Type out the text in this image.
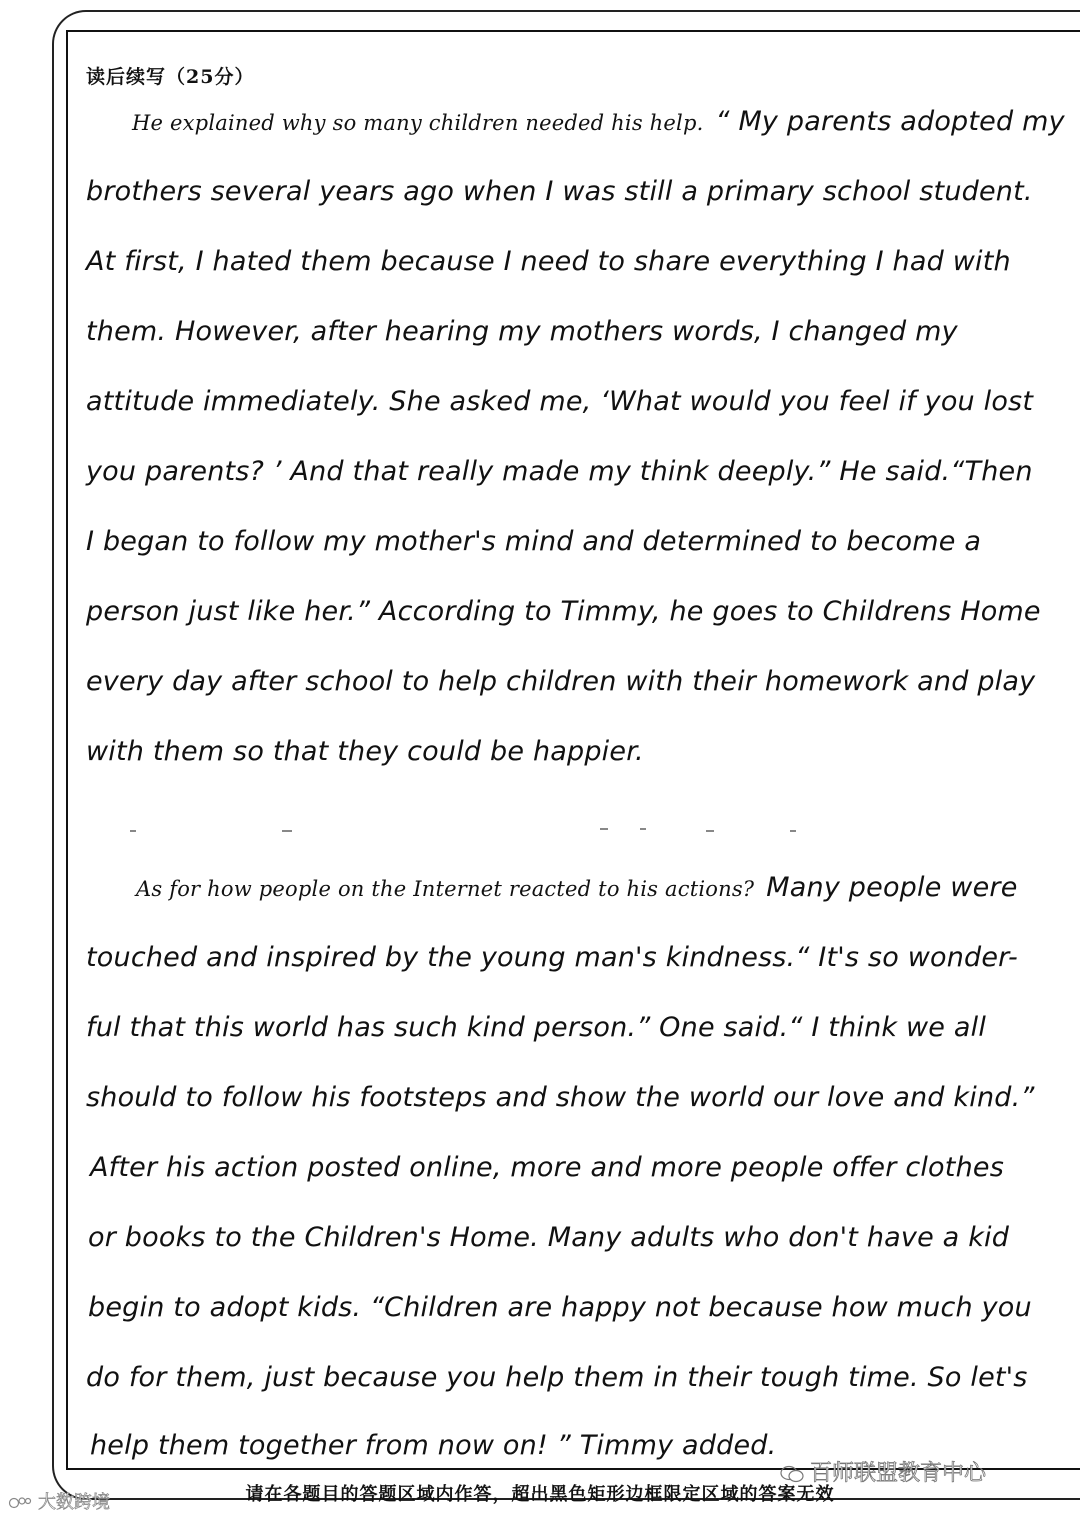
读后续写（25分）
He explained why so many children needed his help. “ My parents adopted my
brothers several years ago when I was still a primary school student.
At first, I hated them because I need to share everything I had with
them. However, after hearing my mothers words, I changed my
attitude immediately. She asked me, ‘What would you feel if you lost
you parents? ’ And that really made my think deeply.” He said.“Then
I began to follow my mother's mind and determined to become a
person just like her.” According to Timmy, he goes to Childrens Home
every day after school to help children with their homework and play
with them so that they could be happier.
As for how people on the Internet reacted to his actions? Many people were
touched and inspired by the young man's kindness.“ It's so wonder-
ful that this world has such kind person.” One said.“ I think we all
should to follow his footsteps and show the world our love and kind.”
After his action posted online, more and more people offer clothes
or books to the Children's Home. Many adults who don't have a kid
begin to adopt kids. “Children are happy not because how much you
do for them, just because you help them in their tough time. So let's
help them together from now on! ” Timmy added.
百师联盟教育中心
请在各题目的答题区域内作答，超出黑色矩形边框限定区域的答案无效
大数跨境
